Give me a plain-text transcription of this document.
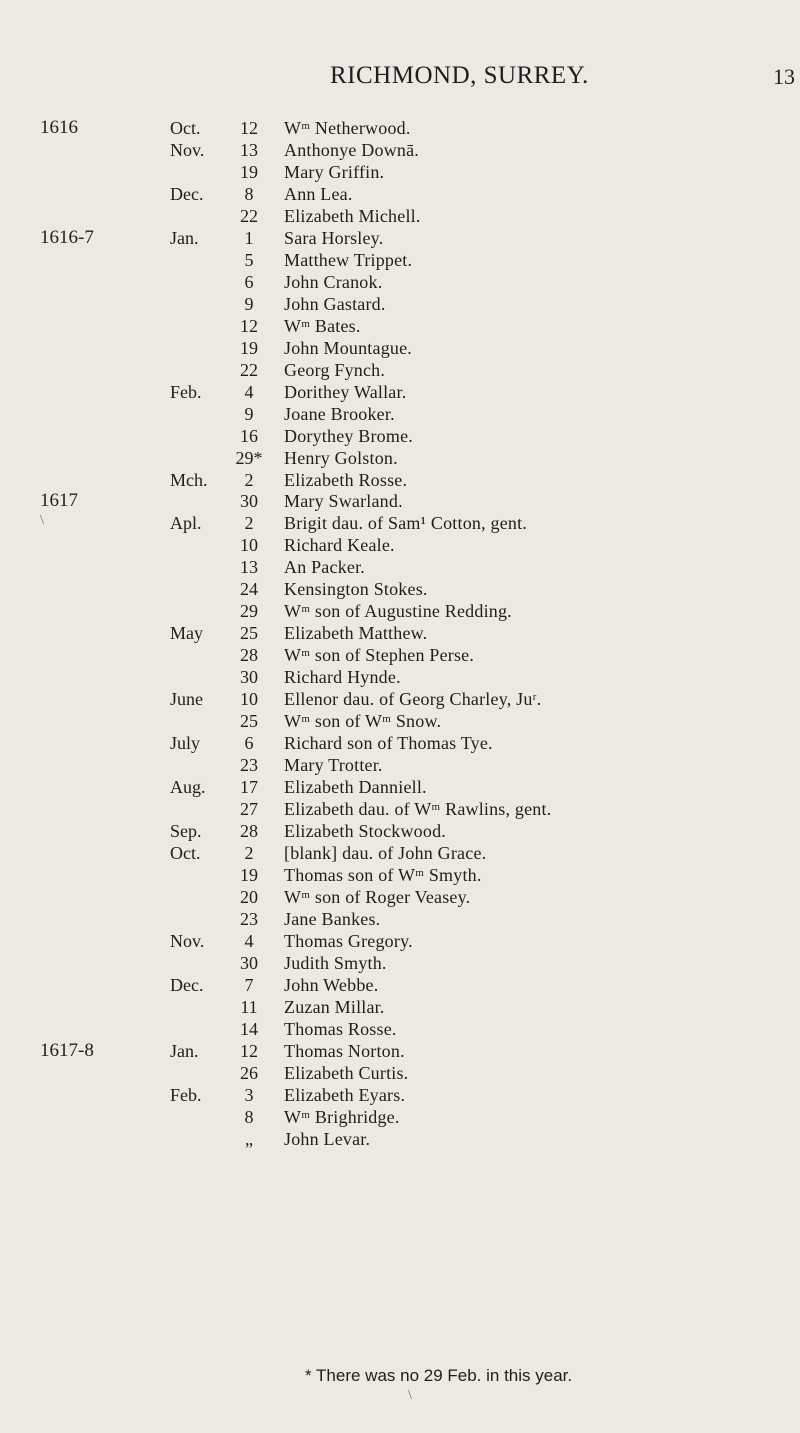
RICHMOND, SURREY.	13
1616	Oct.	12	Wᵐ Netherwood.
Nov.	13	Anthonye Downā.
19	Mary Griffin.
Dec.	8	Ann Lea.
22	Elizabeth Michell.
1616-7	Jan.	1	Sara Horsley.
5	Matthew Trippet.
6	John Cranok.
9	John Gastard.
12	Wᵐ Bates.
19	John Mountague.
22	Georg Fynch.
Feb.	4	Dorithey Wallar.
9	Joane Brooker.
16	Dorythey Brome.
29*	Henry Golston.
Mch.	2	Elizabeth Rosse.
1617	30	Mary Swarland.
Apl.	2	Brigit dau. of Sam¹ Cotton, gent.
10	Richard Keale.
13	An Packer.
24	Kensington Stokes.
29	Wᵐ son of Augustine Redding.
May	25	Elizabeth Matthew.
28	Wᵐ son of Stephen Perse.
30	Richard Hynde.
June	10	Ellenor dau. of Georg Charley, Juʳ.
25	Wᵐ son of Wᵐ Snow.
July	6	Richard son of Thomas Tye.
23	Mary Trotter.
Aug.	17	Elizabeth Danniell.
27	Elizabeth dau. of Wᵐ Rawlins, gent.
Sep.	28	Elizabeth Stockwood.
Oct.	2	[blank] dau. of John Grace.
19	Thomas son of Wᵐ Smyth.
20	Wᵐ son of Roger Veasey.
23	Jane Bankes.
Nov.	4	Thomas Gregory.
30	Judith Smyth.
Dec.	7	John Webbe.
11	Zuzan Millar.
14	Thomas Rosse.
1617-8	Jan.	12	Thomas Norton.
26	Elizabeth Curtis.
Feb.	3	Elizabeth Eyars.
8	Wᵐ Brighridge.
„	John Levar.
\
\
* There was no 29 Feb. in this year.
